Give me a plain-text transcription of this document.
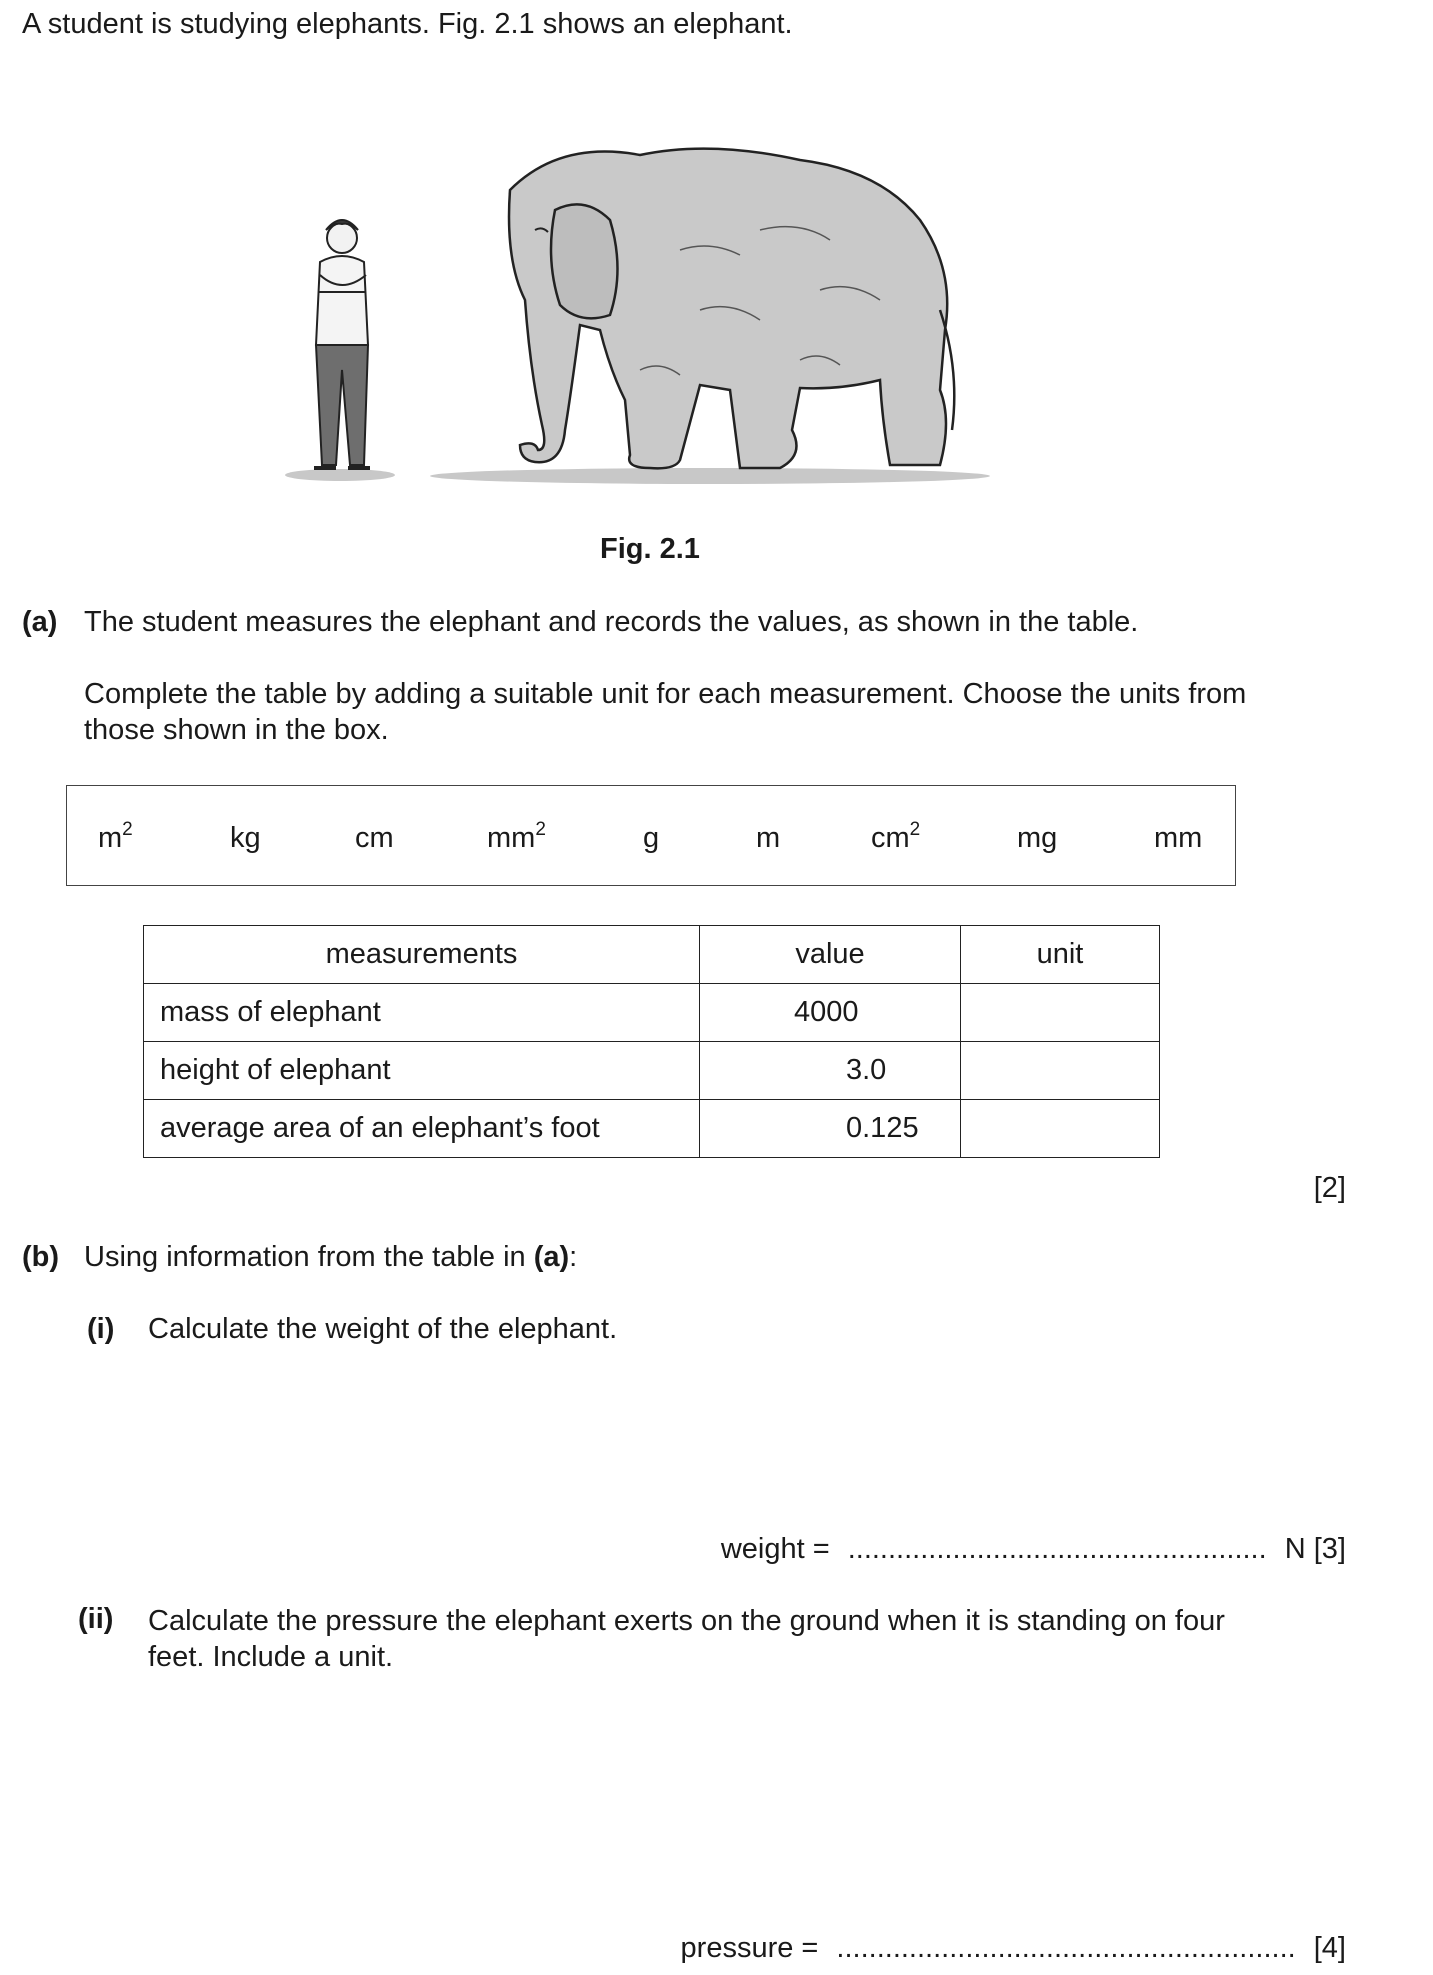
A student is studying elephants. Fig. 2.1 shows an elephant.
Fig. 2.1
(a) The student measures the elephant and records the values, as shown in the table.
Complete the table by adding a suitable unit for each measurement. Choose the units from
those shown in the box.
$m^2$	kg	cm	$mm^2$	g	m	$cm^2$	mg	mm
measurements	value	unit
mass of elephant	4000	
height of elephant	3.0	
average area of an elephant’s foot	0.125	
[2]
(b) Using information from the table in (a):
(i) Calculate the weight of the elephant.
weight = .................................................... N [3]
(ii) Calculate the pressure the elephant exerts on the ground when it is standing on four
feet. Include a unit.
pressure = ......................................................... [4]
